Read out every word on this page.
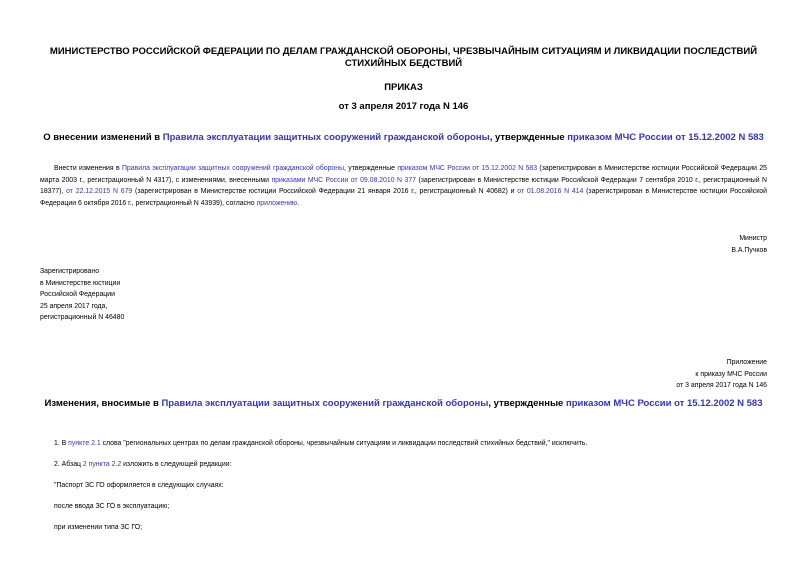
МИНИСТЕРСТВО РОССИЙСКОЙ ФЕДЕРАЦИИ ПО ДЕЛАМ ГРАЖДАНСКОЙ ОБОРОНЫ, ЧРЕЗВЫЧАЙНЫМ СИТУАЦИЯМ И ЛИКВИДАЦИИ ПОСЛЕДСТВИЙ СТИХИЙНЫХ БЕДСТВИЙ
ПРИКАЗ
от 3 апреля 2017 года N 146
О внесении изменений в Правила эксплуатации защитных сооружений гражданской обороны, утвержденные приказом МЧС России от 15.12.2002 N 583
Внести изменения в Правила эксплуатации защитных сооружений гражданской обороны, утвержденные приказом МЧС России от 15.12.2002 N 583 (зарегистрирован в Министерстве юстиции Российской Федерации 25 марта 2003 г., регистрационный N 4317), с изменениями, внесенными приказами МЧС России от 09.08.2010 N 377 (зарегистрирован в Министерстве юстиции Российской Федерации 7 сентября 2010 г., регистрационный N 18377), от 22.12.2015 N 679 (зарегистрирован в Министерстве юстиции Российской Федерации 21 января 2016 г., регистрационный N 40682) и от 01.08.2016 N 414 (зарегистрирован в Министерстве юстиции Российской Федерации 6 октября 2016 г., регистрационный N 43939), согласно приложению.
Министр
В.А.Пучков
Зарегистрировано
в Министерстве юстиции
Российской Федерации
25 апреля 2017 года,
регистрационный N 46480
Приложение
к приказу МЧС России
от 3 апреля 2017 года N 146
Изменения, вносимые в Правила эксплуатации защитных сооружений гражданской обороны, утвержденные приказом МЧС России от 15.12.2002 N 583
1. В пункте 2.1 слова "региональных центрах по делам гражданской обороны, чрезвычайным ситуациям и ликвидации последствий стихийных бедствий," исключить.
2. Абзац 2 пункта 2.2 изложить в следующей редакции:
"Паспорт ЗС ГО оформляется в следующих случаях:
после ввода ЗС ГО в эксплуатацию;
при изменении типа ЗС ГО;
